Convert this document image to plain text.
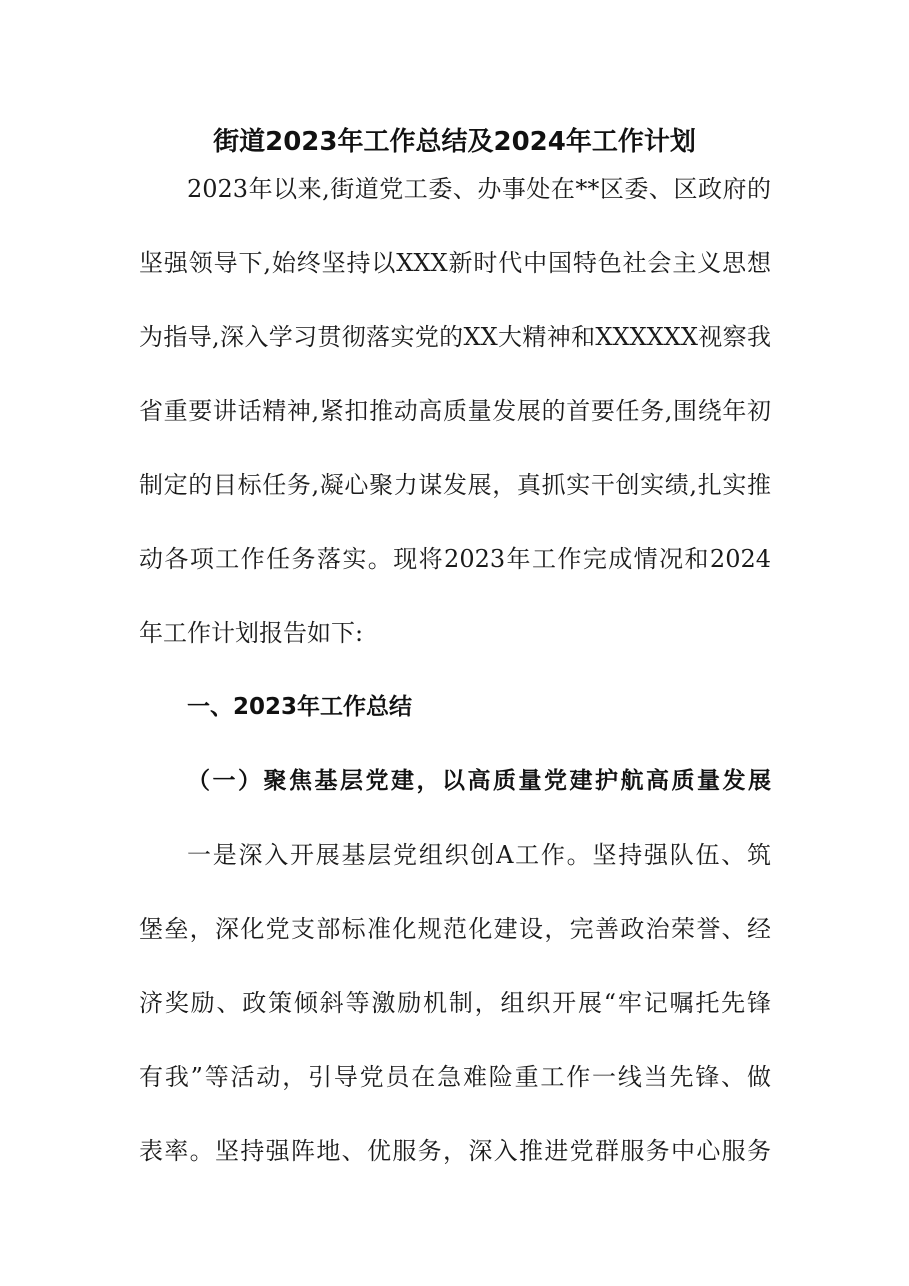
街道2023年工作总结及2024年工作计划
2023年以来,街道党工委、办事处在**区委、区政府的
坚强领导下,始终坚持以XXX新时代中国特色社会主义思想
为指导,深入学习贯彻落实党的XX大精神和XXXXXX视察我
省重要讲话精神,紧扣推动高质量发展的首要任务,围绕年初
制定的目标任务,凝心聚力谋发展，真抓实干创实绩,扎实推
动各项工作任务落实。现将2023年工作完成情况和2024
年工作计划报告如下:
一、2023年工作总结
（一）聚焦基层党建，以高质量党建护航高质量发展
一是深入开展基层党组织创A工作。坚持强队伍、筑
堡垒，深化党支部标准化规范化建设，完善政治荣誉、经
济奖励、政策倾斜等激励机制，组织开展“牢记嘱托先锋
有我”等活动，引导党员在急难险重工作一线当先锋、做
表率。坚持强阵地、优服务，深入推进党群服务中心服务
